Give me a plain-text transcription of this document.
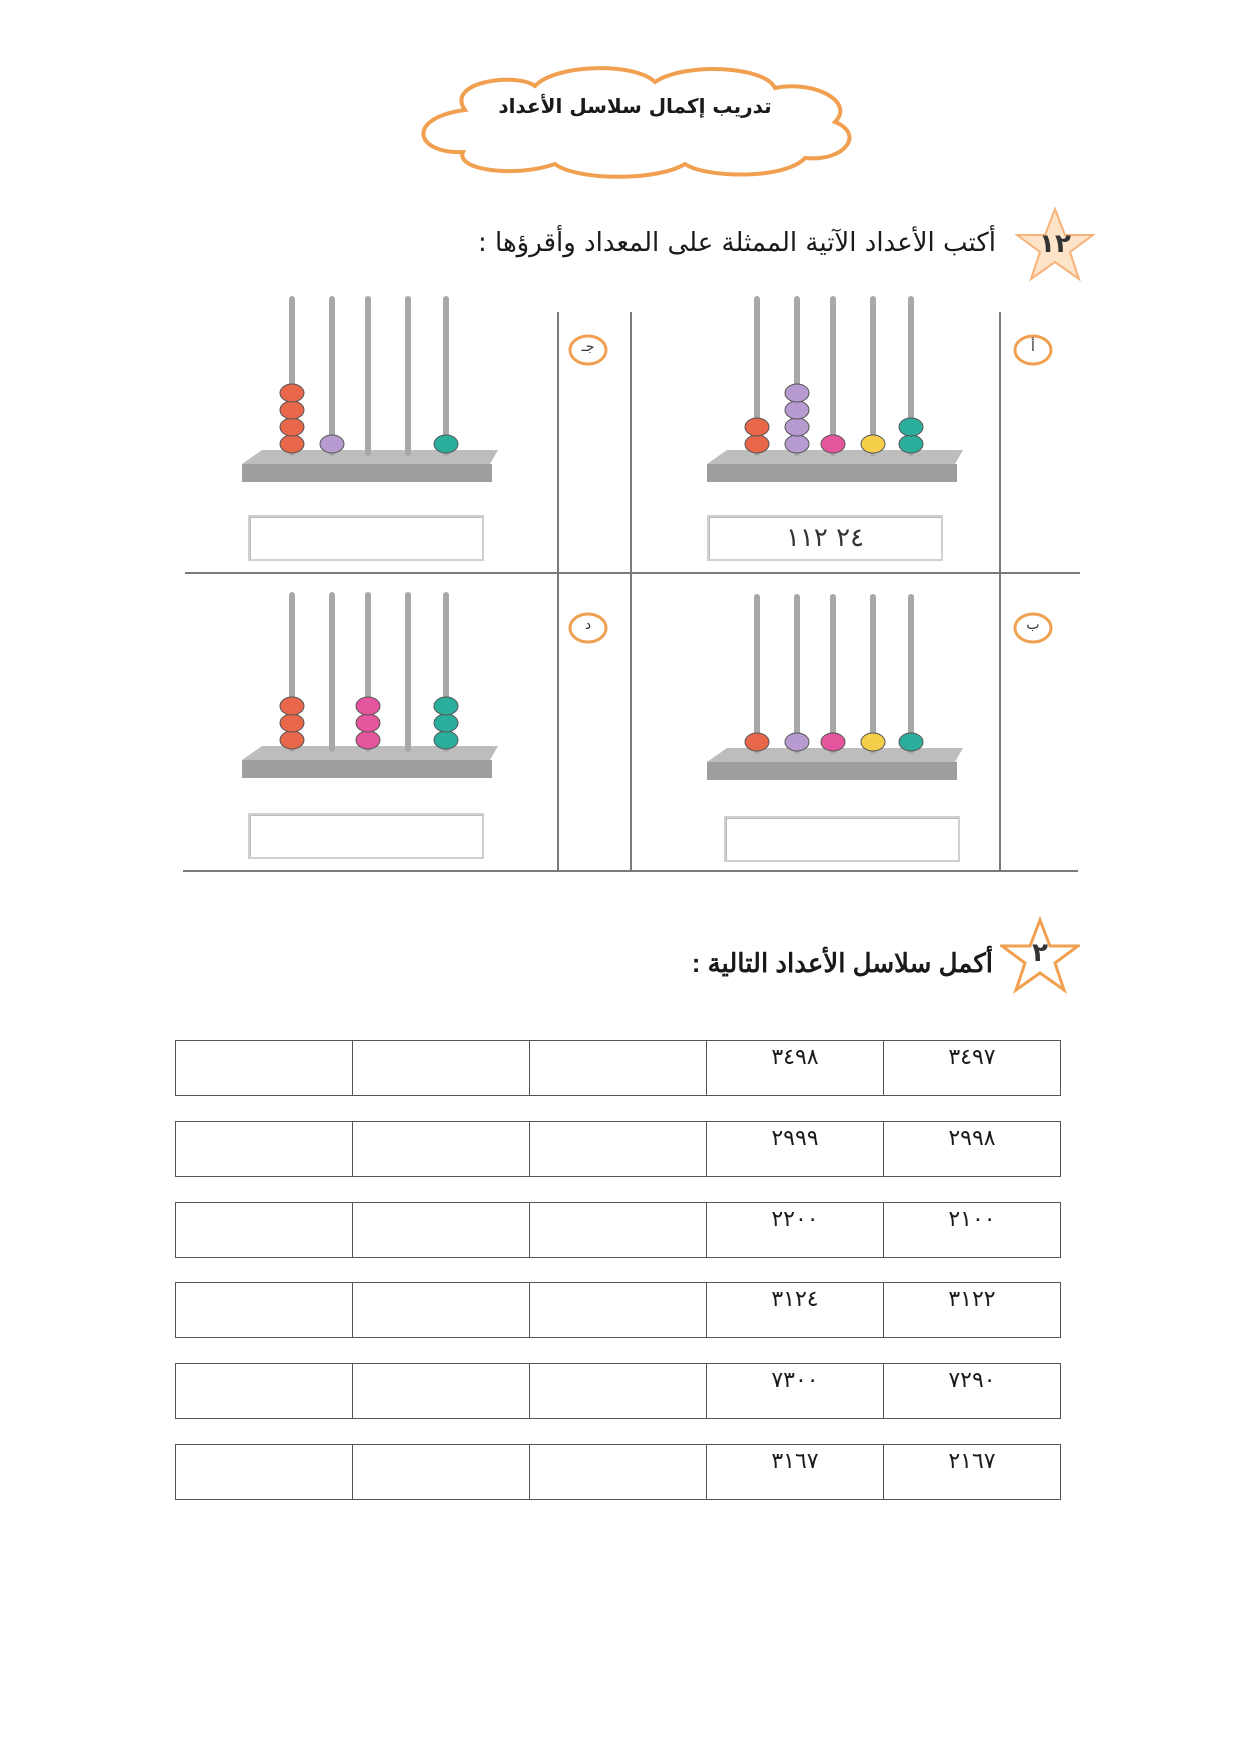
تدريب إكمال سلاسل الأعداد
١٢
أكتب الأعداد الآتية الممثلة على المعداد وأقرؤها :
أ
ب
جـ
د
٢٤ ١١٢
٢
أكمل سلاسل الأعداد التالية :
			٣٤٩٨	٣٤٩٧
			٢٩٩٩	٢٩٩٨
			٢٢٠٠	٢١٠٠
			٣١٢٤	٣١٢٢
			٧٣٠٠	٧٢٩٠
			٣١٦٧	٢١٦٧
